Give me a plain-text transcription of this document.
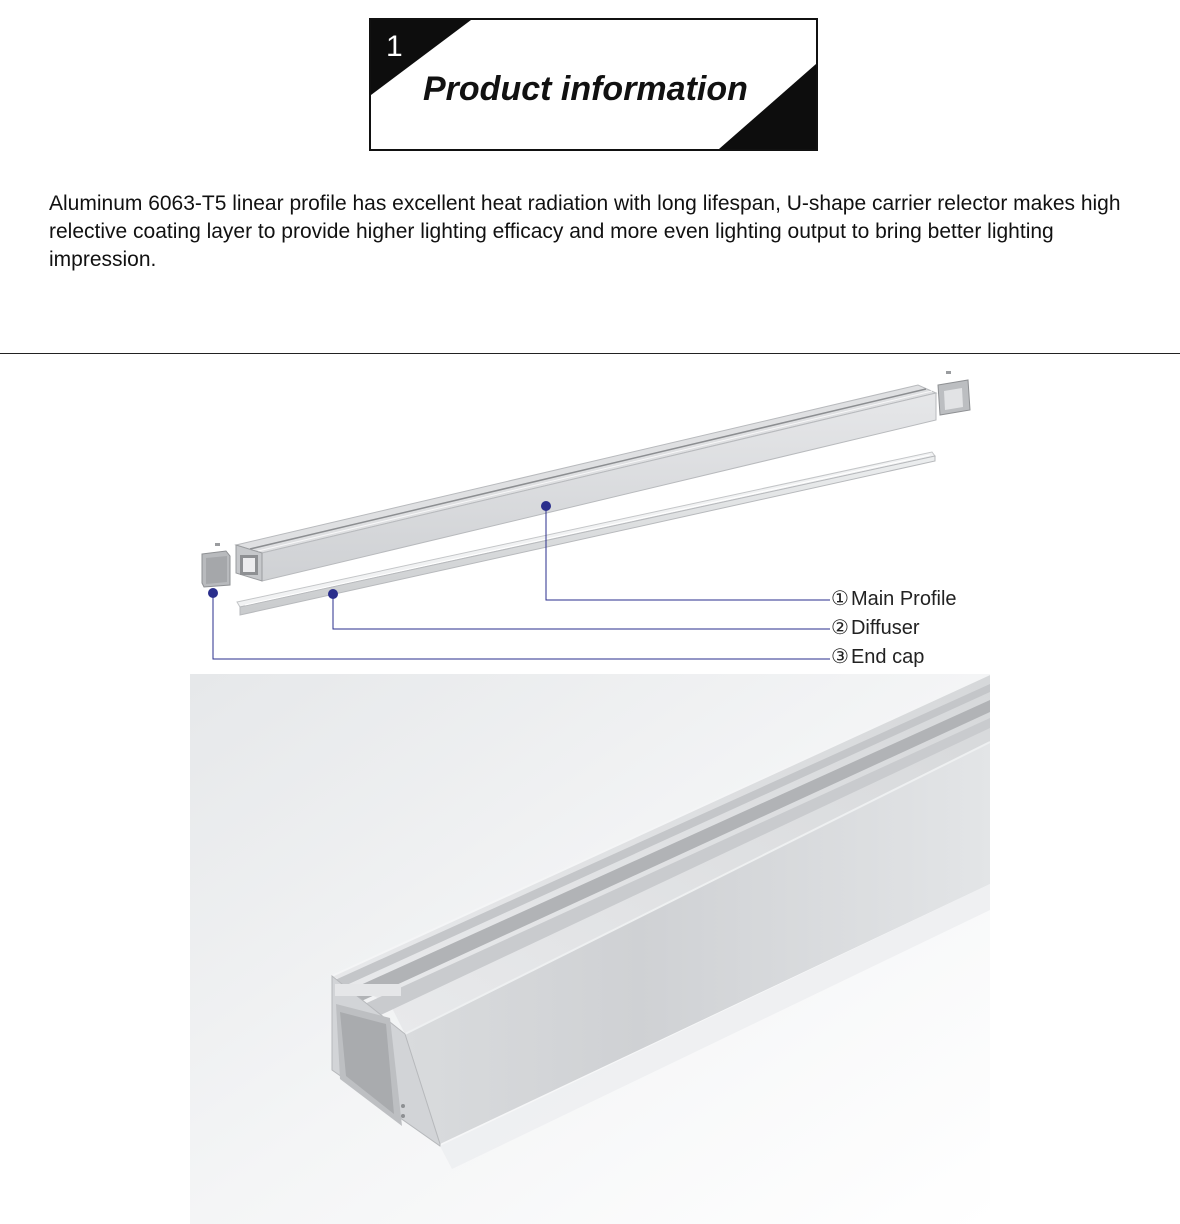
1
Product information

Aluminum 6063-T5 linear profile has excellent heat radiation with long lifespan, U-shape carrier relector makes high relective coating layer to provide higher lighting efficacy and more even lighting output to bring better lighting impression.

① Main Profile
② Diffuser
③ End cap
